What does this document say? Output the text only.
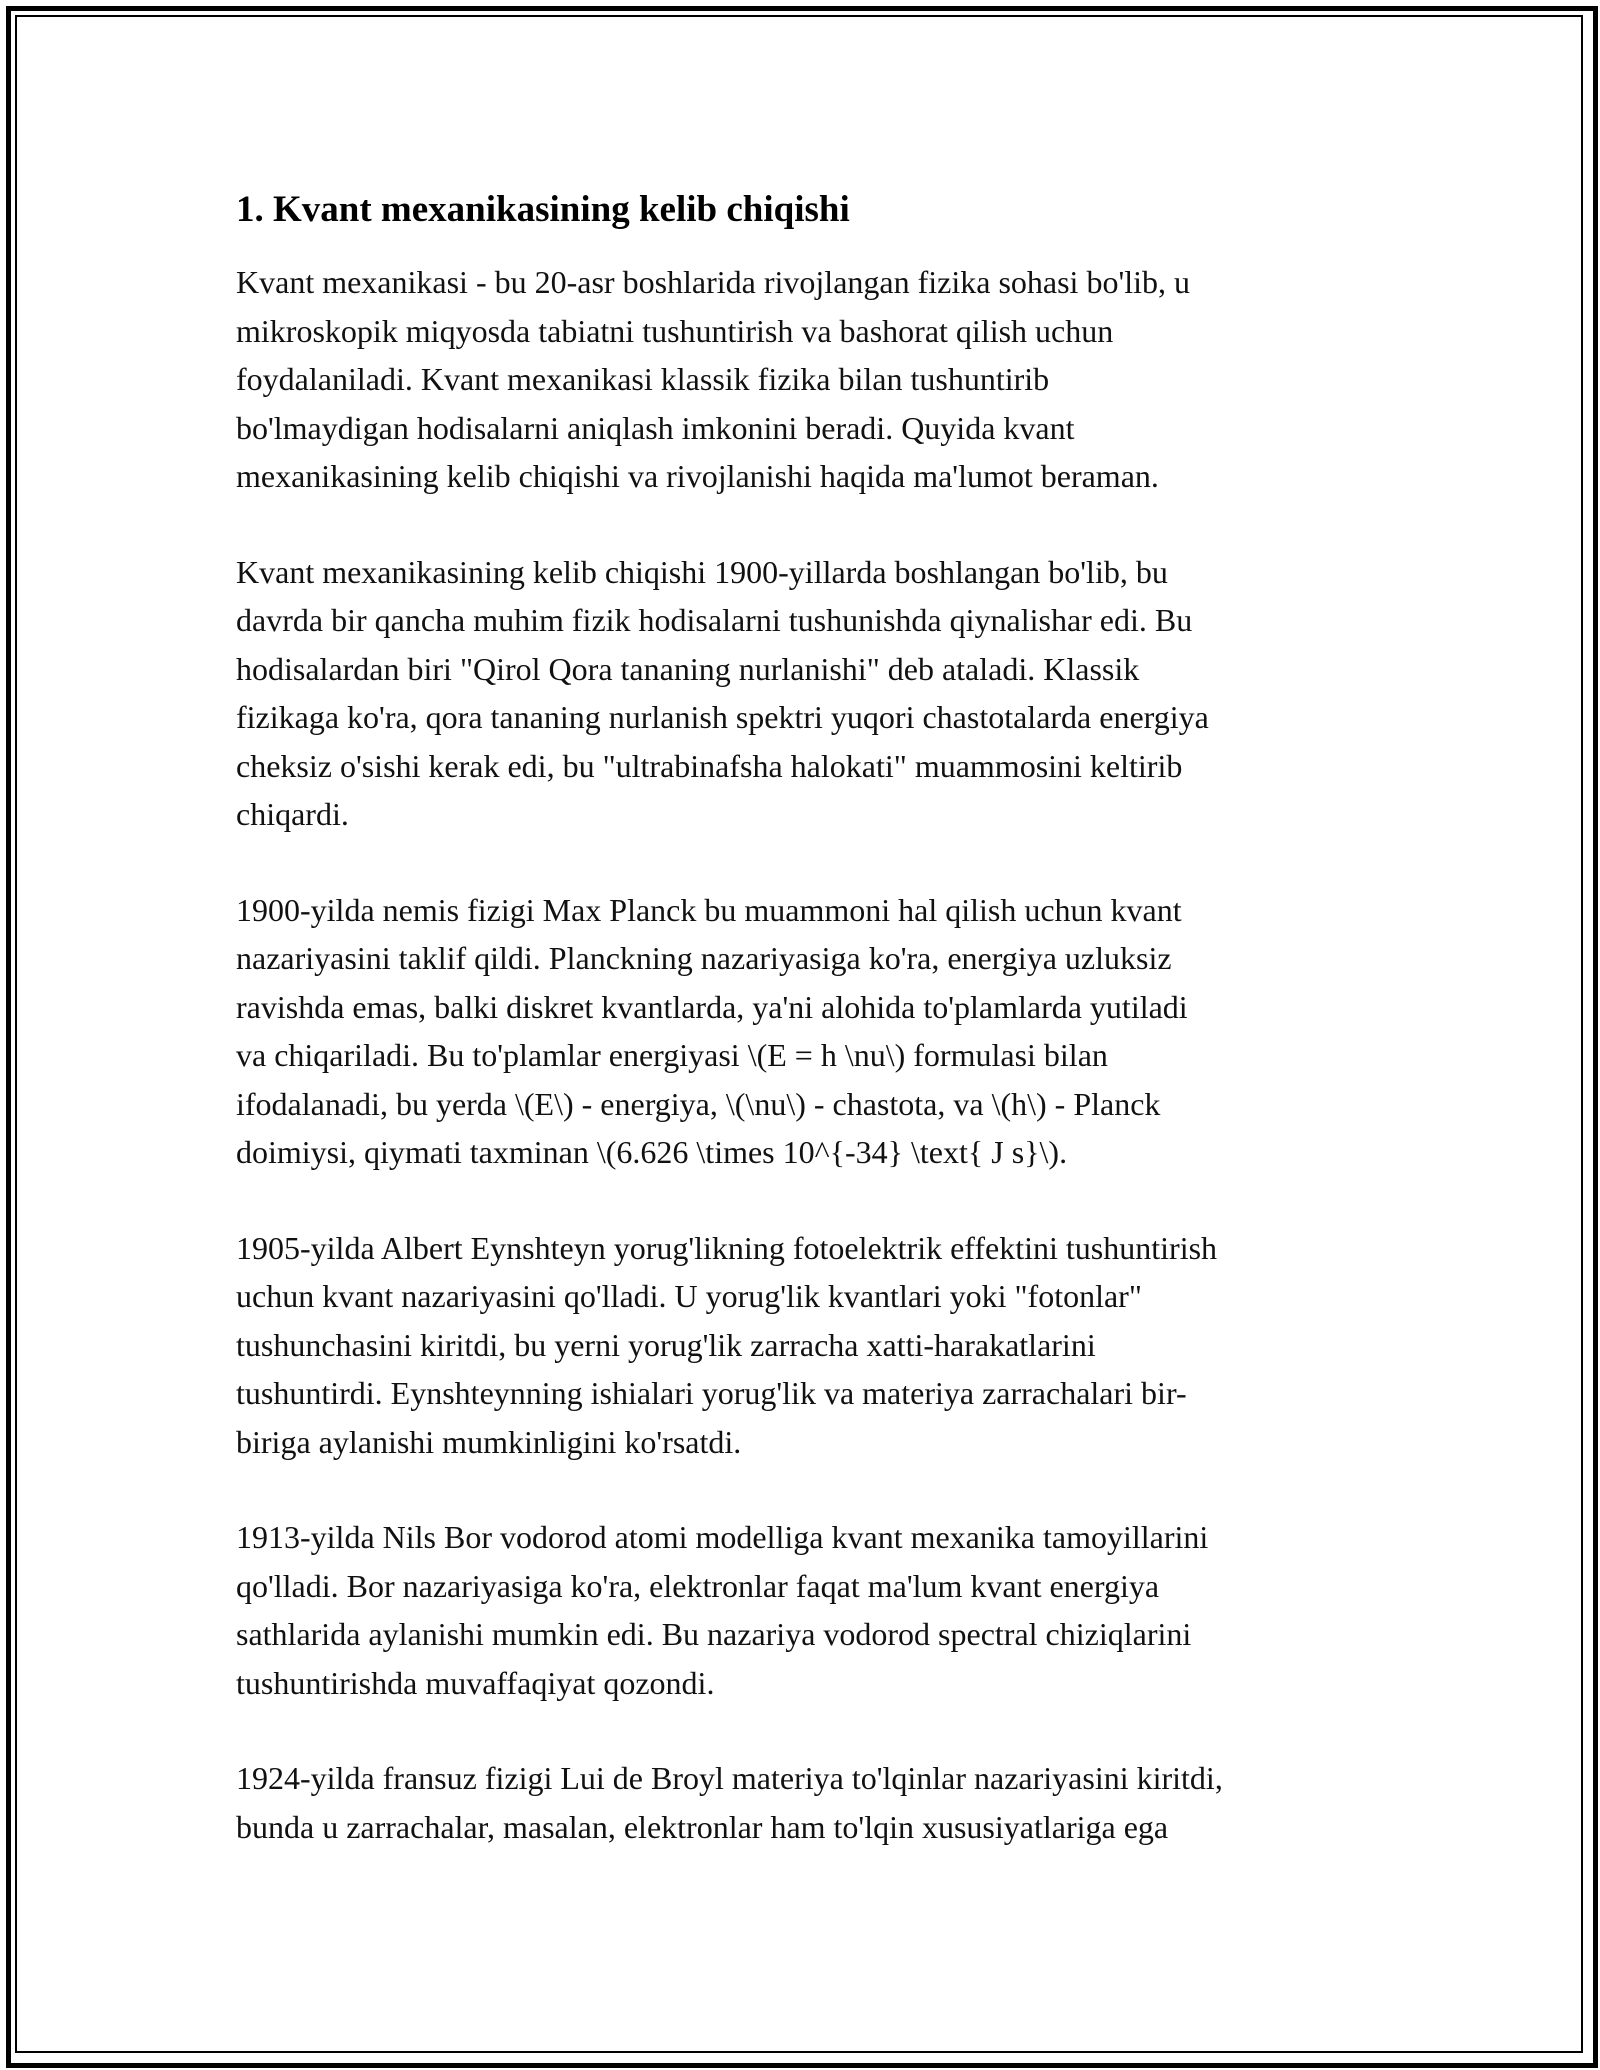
1. Kvant mexanikasining kelib chiqishi

Kvant mexanikasi - bu 20-asr boshlarida rivojlangan fizika sohasi bo'lib, u
mikroskopik miqyosda tabiatni tushuntirish va bashorat qilish uchun
foydalaniladi. Kvant mexanikasi klassik fizika bilan tushuntirib
bo'lmaydigan hodisalarni aniqlash imkonini beradi. Quyida kvant
mexanikasining kelib chiqishi va rivojlanishi haqida ma'lumot beraman.

Kvant mexanikasining kelib chiqishi 1900-yillarda boshlangan bo'lib, bu
davrda bir qancha muhim fizik hodisalarni tushunishda qiynalishar edi. Bu
hodisalardan biri "Qirol Qora tananing nurlanishi" deb ataladi. Klassik
fizikaga ko'ra, qora tananing nurlanish spektri yuqori chastotalarda energiya
cheksiz o'sishi kerak edi, bu "ultrabinafsha halokati" muammosini keltirib
chiqardi.

1900-yilda nemis fizigi Max Planck bu muammoni hal qilish uchun kvant
nazariyasini taklif qildi. Planckning nazariyasiga ko'ra, energiya uzluksiz
ravishda emas, balki diskret kvantlarda, ya'ni alohida to'plamlarda yutiladi
va chiqariladi. Bu to'plamlar energiyasi \(E = h \nu\) formulasi bilan
ifodalanadi, bu yerda \(E\) - energiya, \(\nu\) - chastota, va \(h\) - Planck
doimiysi, qiymati taxminan \(6.626 \times 10^{-34} \text{ J s}\).

1905-yilda Albert Eynshteyn yorug'likning fotoelektrik effektini tushuntirish
uchun kvant nazariyasini qo'lladi. U yorug'lik kvantlari yoki "fotonlar"
tushunchasini kiritdi, bu yerni yorug'lik zarracha xatti-harakatlarini
tushuntirdi. Eynshteynning ishialari yorug'lik va materiya zarrachalari bir-
biriga aylanishi mumkinligini ko'rsatdi.

1913-yilda Nils Bor vodorod atomi modelliga kvant mexanika tamoyillarini
qo'lladi. Bor nazariyasiga ko'ra, elektronlar faqat ma'lum kvant energiya
sathlarida aylanishi mumkin edi. Bu nazariya vodorod spectral chiziqlarini
tushuntirishda muvaffaqiyat qozondi.

1924-yilda fransuz fizigi Lui de Broyl materiya to'lqinlar nazariyasini kiritdi,
bunda u zarrachalar, masalan, elektronlar ham to'lqin xususiyatlariga ega
